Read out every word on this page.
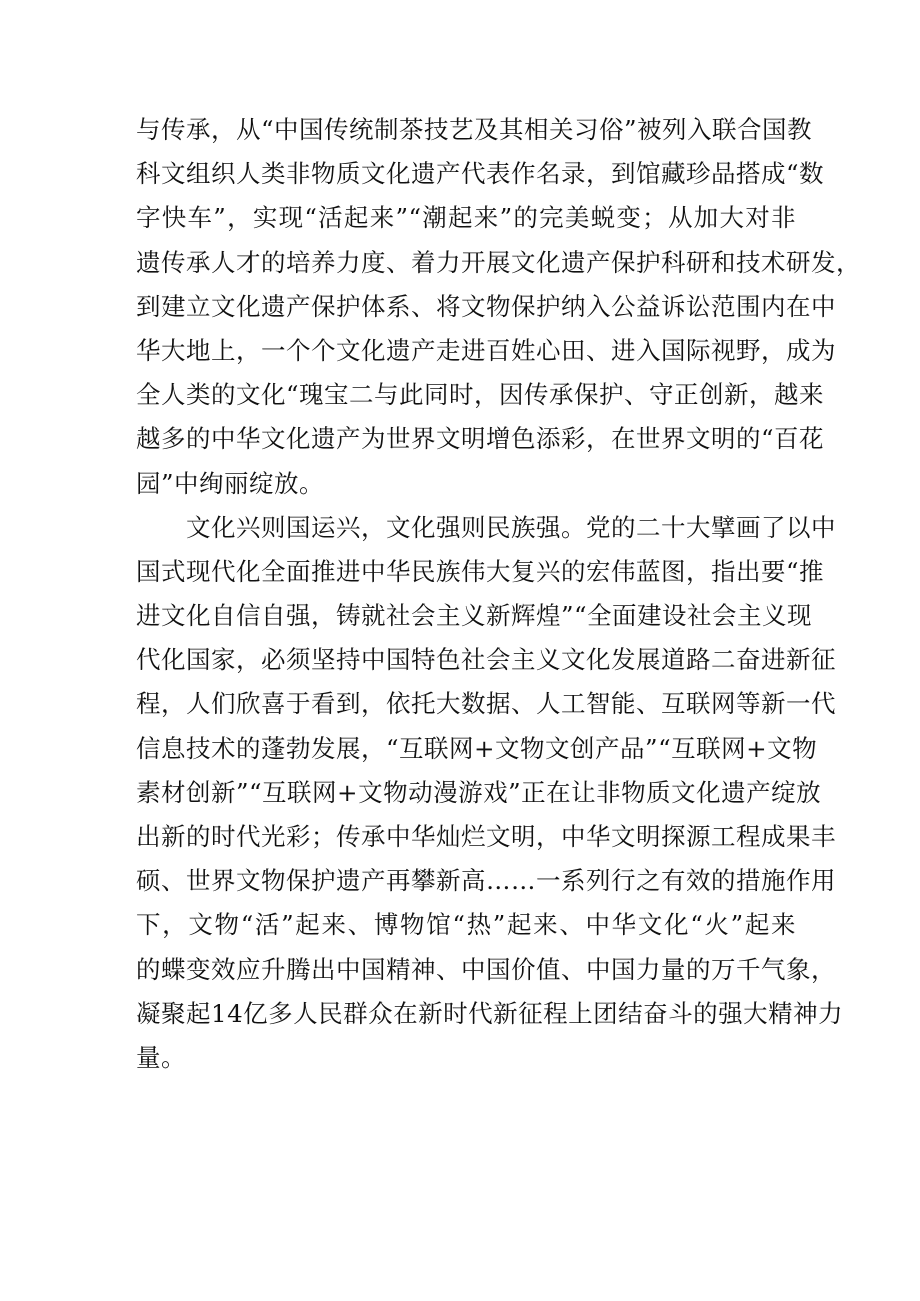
与传承，从“中国传统制茶技艺及其相关习俗”被列入联合国教
科文组织人类非物质文化遗产代表作名录，到馆藏珍品搭成“数
字快车”，实现“活起来”“潮起来”的完美蜕变；从加大对非
遗传承人才的培养力度、着力开展文化遗产保护科研和技术研发，
到建立文化遗产保护体系、将文物保护纳入公益诉讼范围内在中
华大地上，一个个文化遗产走进百姓心田、进入国际视野，成为
全人类的文化“瑰宝二与此同时，因传承保护、守正创新，越来
越多的中华文化遗产为世界文明增色添彩，在世界文明的“百花
园”中绚丽绽放。
文化兴则国运兴，文化强则民族强。党的二十大擘画了以中
国式现代化全面推进中华民族伟大复兴的宏伟蓝图，指出要“推
进文化自信自强，铸就社会主义新辉煌”“全面建设社会主义现
代化国家，必须坚持中国特色社会主义文化发展道路二奋进新征
程，人们欣喜于看到，依托大数据、人工智能、互联网等新一代
信息技术的蓬勃发展，“互联网+文物文创产品”“互联网+文物
素材创新”“互联网+文物动漫游戏”正在让非物质文化遗产绽放
出新的时代光彩；传承中华灿烂文明，中华文明探源工程成果丰
硕、世界文物保护遗产再攀新高……一系列行之有效的措施作用
下，文物“活”起来、博物馆“热”起来、中华文化“火”起来
的蝶变效应升腾出中国精神、中国价值、中国力量的万千气象，
凝聚起14亿多人民群众在新时代新征程上团结奋斗的强大精神力
量。
